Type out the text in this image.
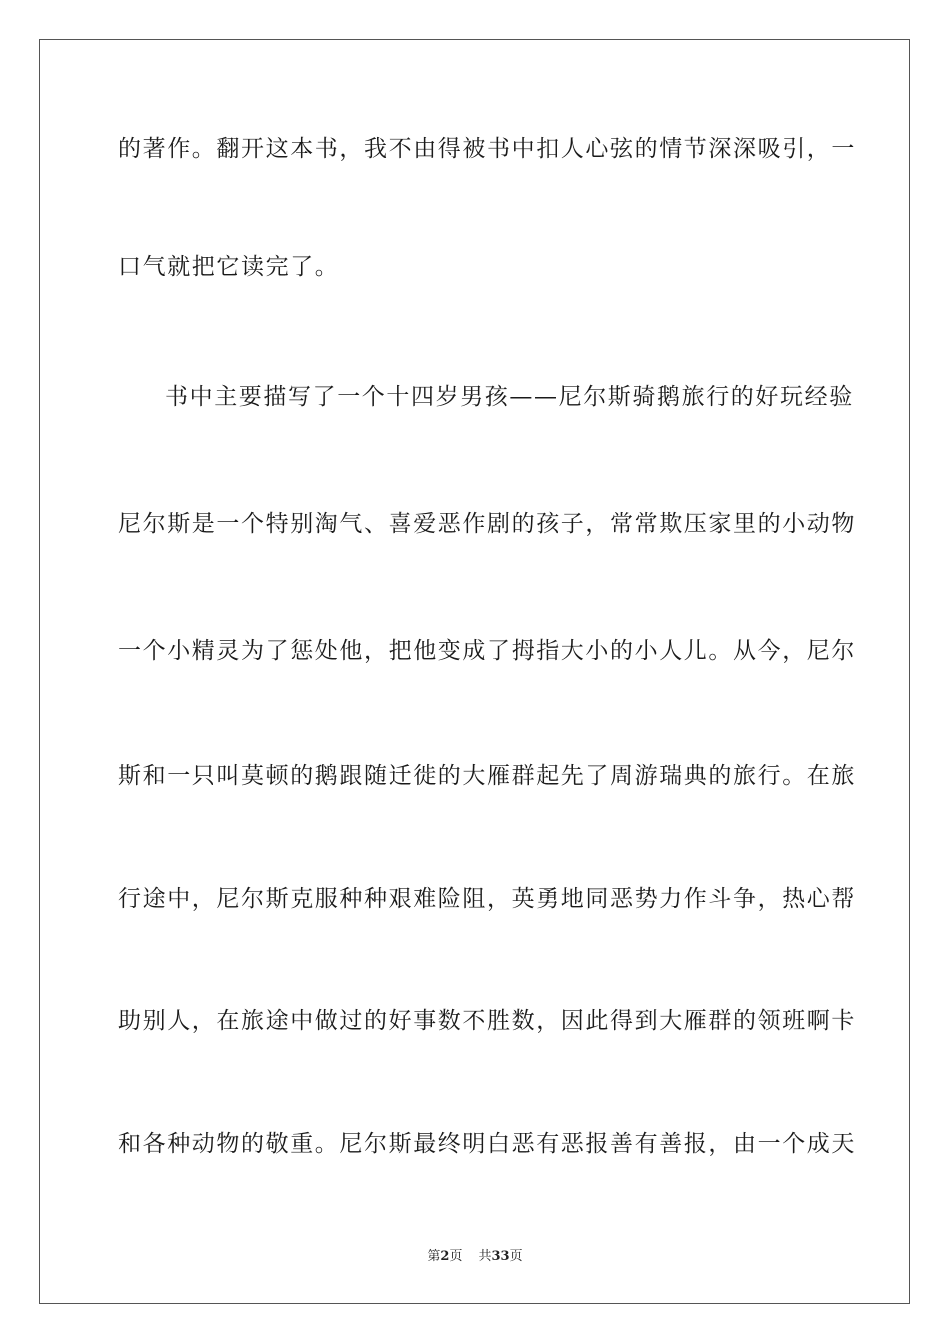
的著作。翻开这本书，我不由得被书中扣人心弦的情节深深吸引，一
口气就把它读完了。
书中主要描写了一个十四岁男孩——尼尔斯骑鹅旅行的好玩经验
尼尔斯是一个特别淘气、喜爱恶作剧的孩子，常常欺压家里的小动物
一个小精灵为了惩处他，把他变成了拇指大小的小人儿。从今，尼尔
斯和一只叫莫顿的鹅跟随迁徙的大雁群起先了周游瑞典的旅行。在旅
行途中，尼尔斯克服种种艰难险阻，英勇地同恶势力作斗争，热心帮
助别人，在旅途中做过的好事数不胜数，因此得到大雁群的领班啊卡
和各种动物的敬重。尼尔斯最终明白恶有恶报善有善报，由一个成天
第2页 共33页
